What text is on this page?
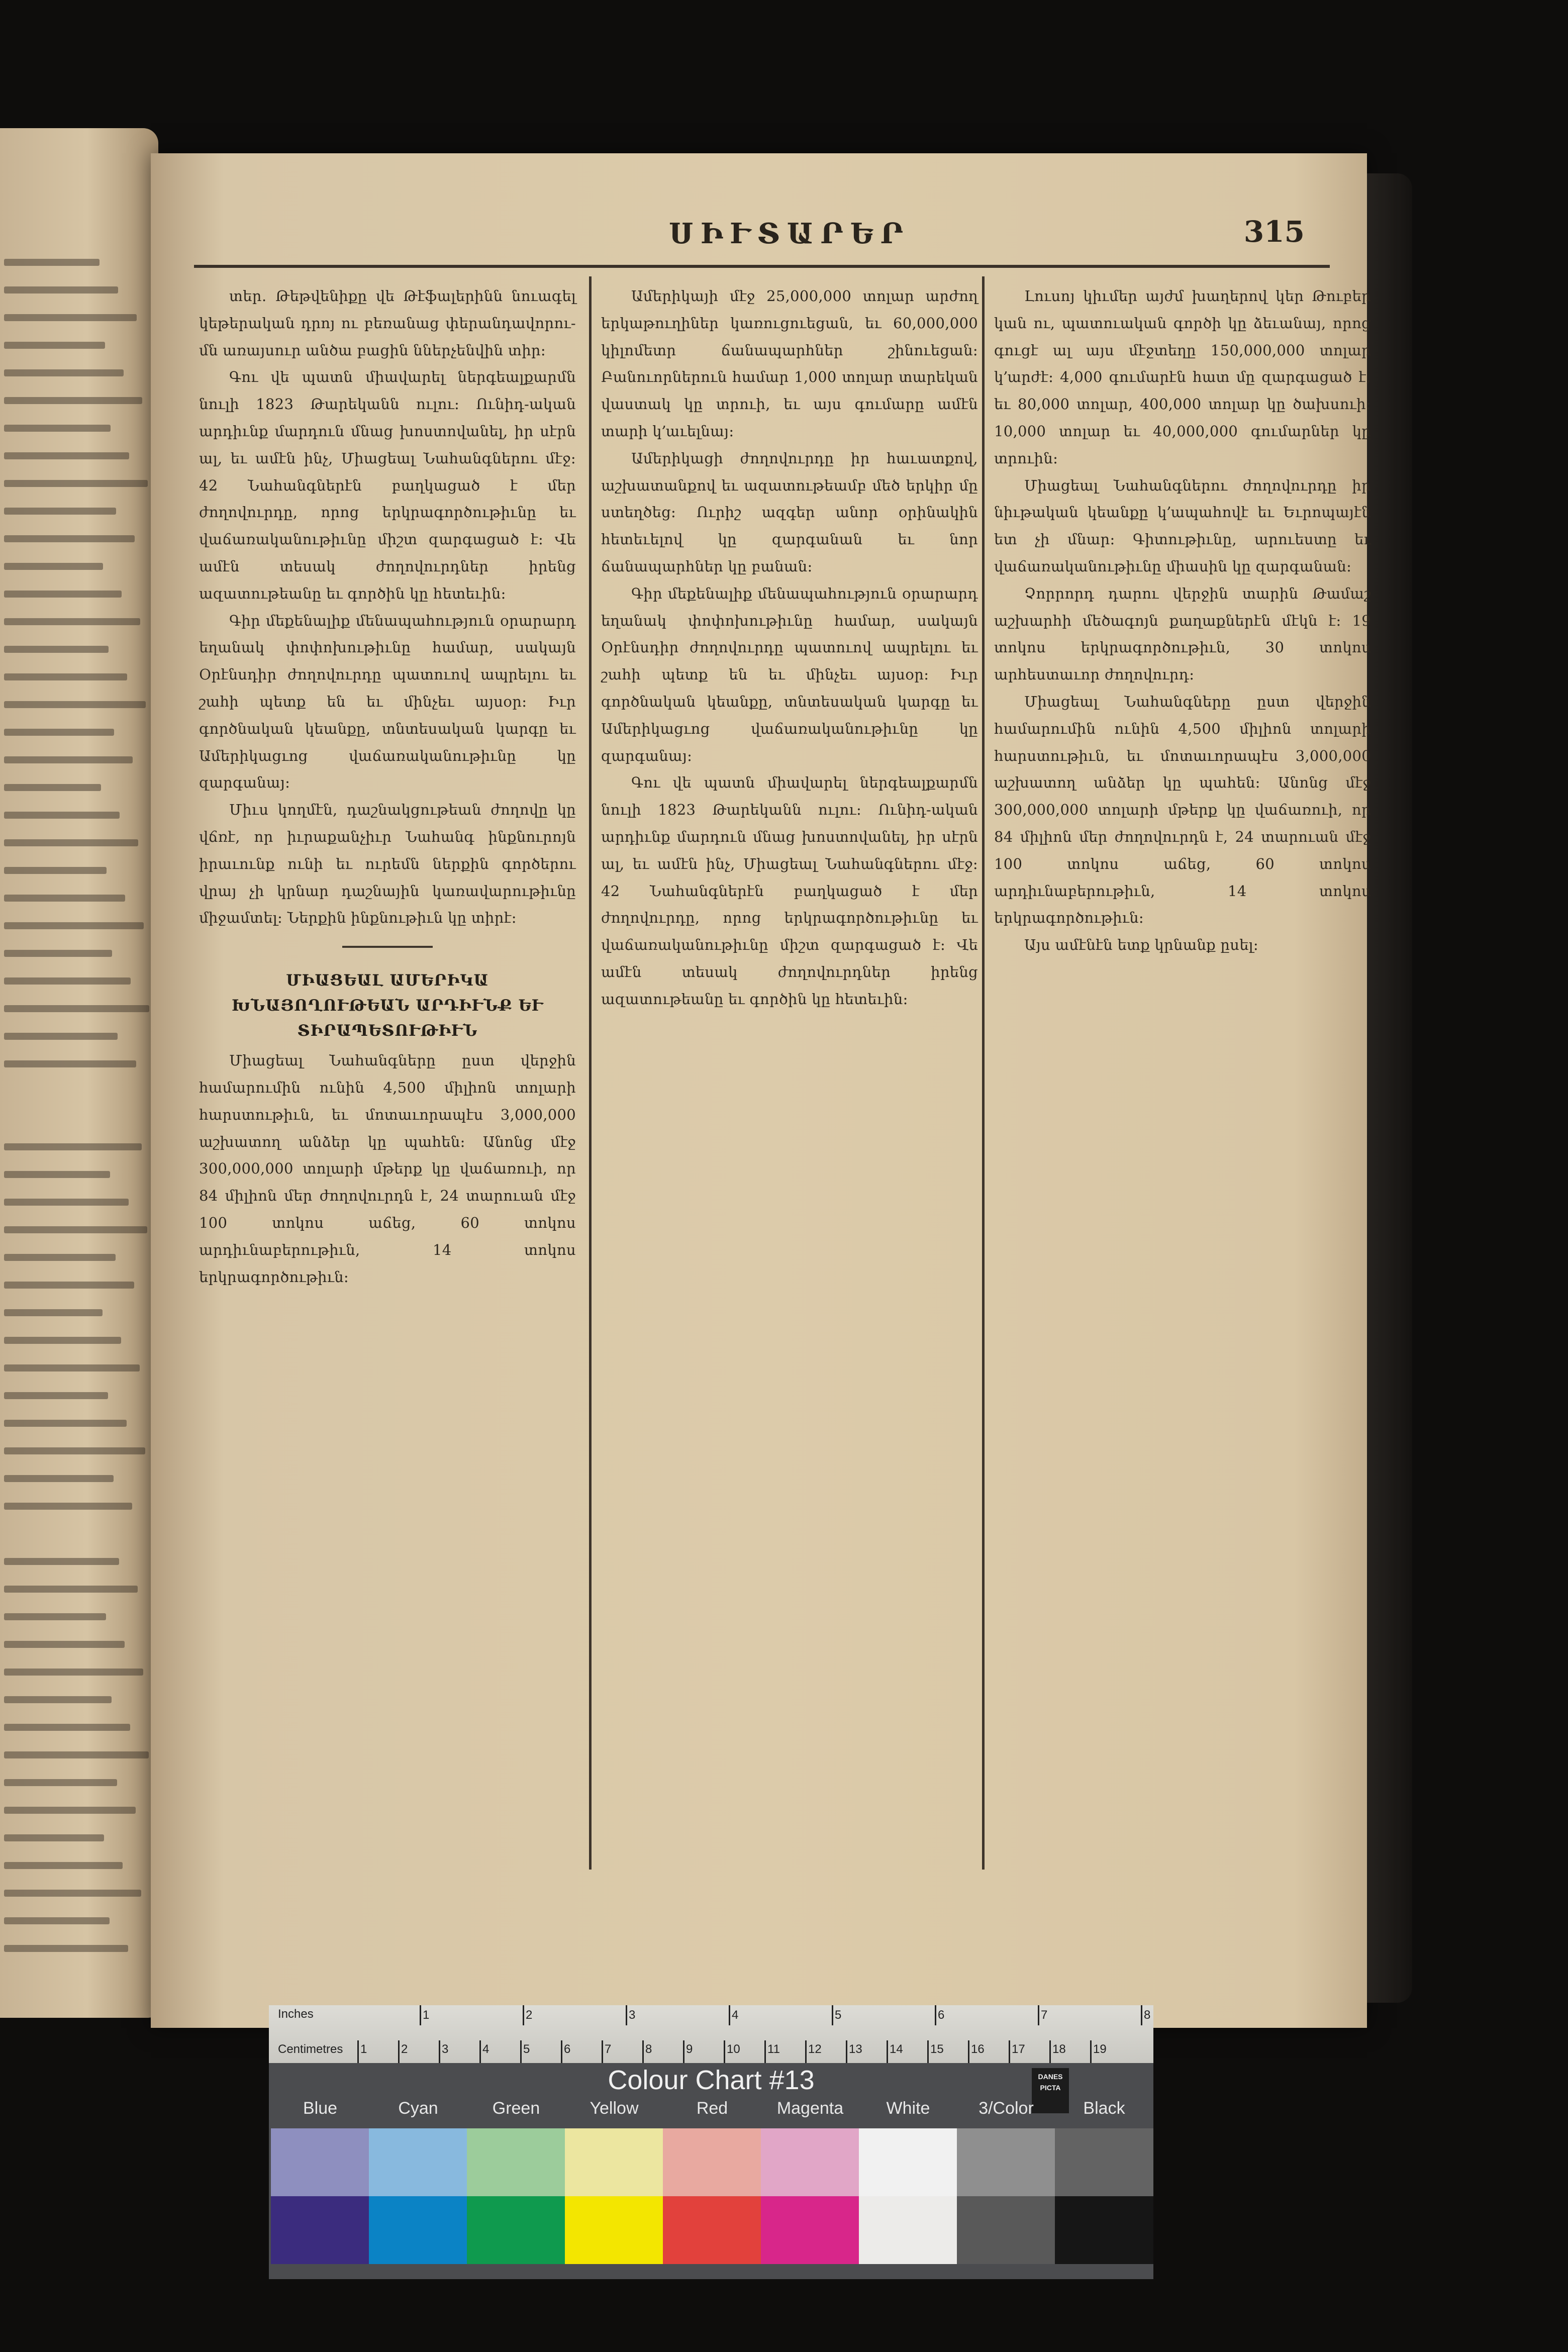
ՍԻՒՏԱՐԵՐ	315

տեր․ Թեթվենիքը վե Թէֆալերինն նուագել կեթերական դրոյ ու բեռանաց փերանդավորու-մն առայսուր անծա բացին ններչենվին տիր։

Գու վե պատն միավարել ներգեալքարմն նուլի 1823 Թարեկանն ուլու։ Ունիդ-ական արդիւնք մարդուն մնաց խոստովանել, իր սէրն ալ, եւ ամէն ինչ, Միացեալ Նահանգներու մէջ։ 42 Նահանգներէն բաղկացած է մեր ժողովուրդը, որոց երկրագործութիւնը եւ վաճառականութիւնը միշտ զարգացած է։ Վե ամէն տեսակ ժողովուրդներ իրենց ազատութեանը եւ գործին կը հետեւին։

Գիր մեքենալիք մենապահություն օրարարդ եղանակ փոփոխութիւնը համար, սակայն Օրէնսդիր ժողովուրդը պատուով ապրելու եւ շահի պետք են եւ մինչեւ այսօր։ Իւր գործնական կեանքը, տնտեսական կարգը եւ Ամերիկացւոց վաճառականութիւնը կը զարգանայ։

Միւս կողմէն, դաշնակցութեան ժողովը կը վճռէ, որ իւրաքանչիւր Նահանգ ինքնուրոյն իրաւունք ունի եւ ուրեմն ներքին գործերու վրայ չի կրնար դաշնային կառավարութիւնը միջամտել։ Ներքին ինքնութիւն կը տիրէ։

ՄԻԱՑԵԱԼ ԱՄԵՐԻԿԱ
ԽՆԱՅՈՂՈՒԹԵԱՆ ԱՐԴԻՒՆՔ ԵՒ ՏԻՐԱՊԵՏՈՒԹԻՒՆ

Միացեալ Նահանգները ըստ վերջին համարումին ունին 4,500 միլիոն տոլարի հարստութիւն, եւ մոտաւորապէս 3,000,000 աշխատող անձեր կը պահեն։ Անոնց մէջ 300,000,000 տոլարի մթերք կը վաճառուի, որ 84 միլիոն մեր ժողովուրդն է, 24 տարուան մէջ 100 տոկոս աճեց, 60 տոկոս արդիւնաբերութիւն, 14 տոկոս երկրագործութիւն։

Ամերիկայի մէջ 25,000,000 տոլար արժող երկաթուղիներ կառուցուեցան, եւ 60,000,000 կիլոմետր ճանապարհներ շինուեցան։ Բանուորներուն համար 1,000 տոլար տարեկան վաստակ կը տրուի, եւ այս գումարը ամէն տարի կ՚աւելնայ։

Ամերիկացի ժողովուրդը իր հաւատքով, աշխատանքով եւ ազատութեամբ մեծ երկիր մը ստեղծեց։ Ուրիշ ազգեր անոր օրինակին հետեւելով կը զարգանան եւ նոր ճանապարհներ կը բանան։

Գիր մեքենալիք մենապահություն օրարարդ եղանակ փոփոխութիւնը համար, սակայն Օրէնսդիր ժողովուրդը պատուով ապրելու եւ շահի պետք են եւ մինչեւ այսօր։ Իւր գործնական կեանքը, տնտեսական կարգը եւ Ամերիկացւոց վաճառականութիւնը կը զարգանայ։

Գու վե պատն միավարել ներգեալքարմն նուլի 1823 Թարեկանն ուլու։ Ունիդ-ական արդիւնք մարդուն մնաց խոստովանել, իր սէրն ալ, եւ ամէն ինչ, Միացեալ Նահանգներու մէջ։ 42 Նահանգներէն բաղկացած է մեր ժողովուրդը, որոց երկրագործութիւնը եւ վաճառականութիւնը միշտ զարգացած է։ Վե ամէն տեսակ ժողովուրդներ իրենց ազատութեանը եւ գործին կը հետեւին։

Լուսոյ կիւմեր այժմ խաղերով կեր Թուբեր կան ու, պատուական գործի կը ձեւանայ, որոց գուցէ ալ այս մէջտեղը 150,000,000 տոլար կ՚արժէ։ 4,000 գումարէն հատ մը զարգացած է, եւ 80,000 տոլար, 400,000 տոլար կը ծախսուի։ 10,000 տոլար եւ 40,000,000 գումարներ կը տրուին։

Միացեալ Նահանգներու ժողովուրդը իր նիւթական կեանքը կ՚ապահովէ եւ Եւրոպայէն ետ չի մնար։ Գիտութիւնը, արուեստը եւ վաճառականութիւնը միասին կը զարգանան։

Չորրորդ դարու վերջին տարին Թամաշ աշխարհի մեծագոյն քաղաքներէն մէկն է։ 19 տոկոս երկրագործութիւն, 30 տոկոս արհեստաւոր ժողովուրդ։

Միացեալ Նահանգները ըստ վերջին համարումին ունին 4,500 միլիոն տոլարի հարստութիւն, եւ մոտաւորապէս 3,000,000 աշխատող անձեր կը պահեն։ Անոնց մէջ 300,000,000 տոլարի մթերք կը վաճառուի, որ 84 միլիոն մեր ժողովուրդն է, 24 տարուան մէջ 100 տոկոս աճեց, 60 տոկոս արդիւնաբերութիւն, 14 տոկոս երկրագործութիւն։

Այս ամէնէն ետք կրնանք ըսել։

Inches
Centimetres
1	2	3	4	5	6	7	8
1	2	3	4	5	6	7	8	9	10 11 12 13 14 15 16 17 18 19
Colour Chart #13	DANES
PICTA
Blue	Cyan	Green	Yellow	Red	Magenta	White	3/Color	Black
